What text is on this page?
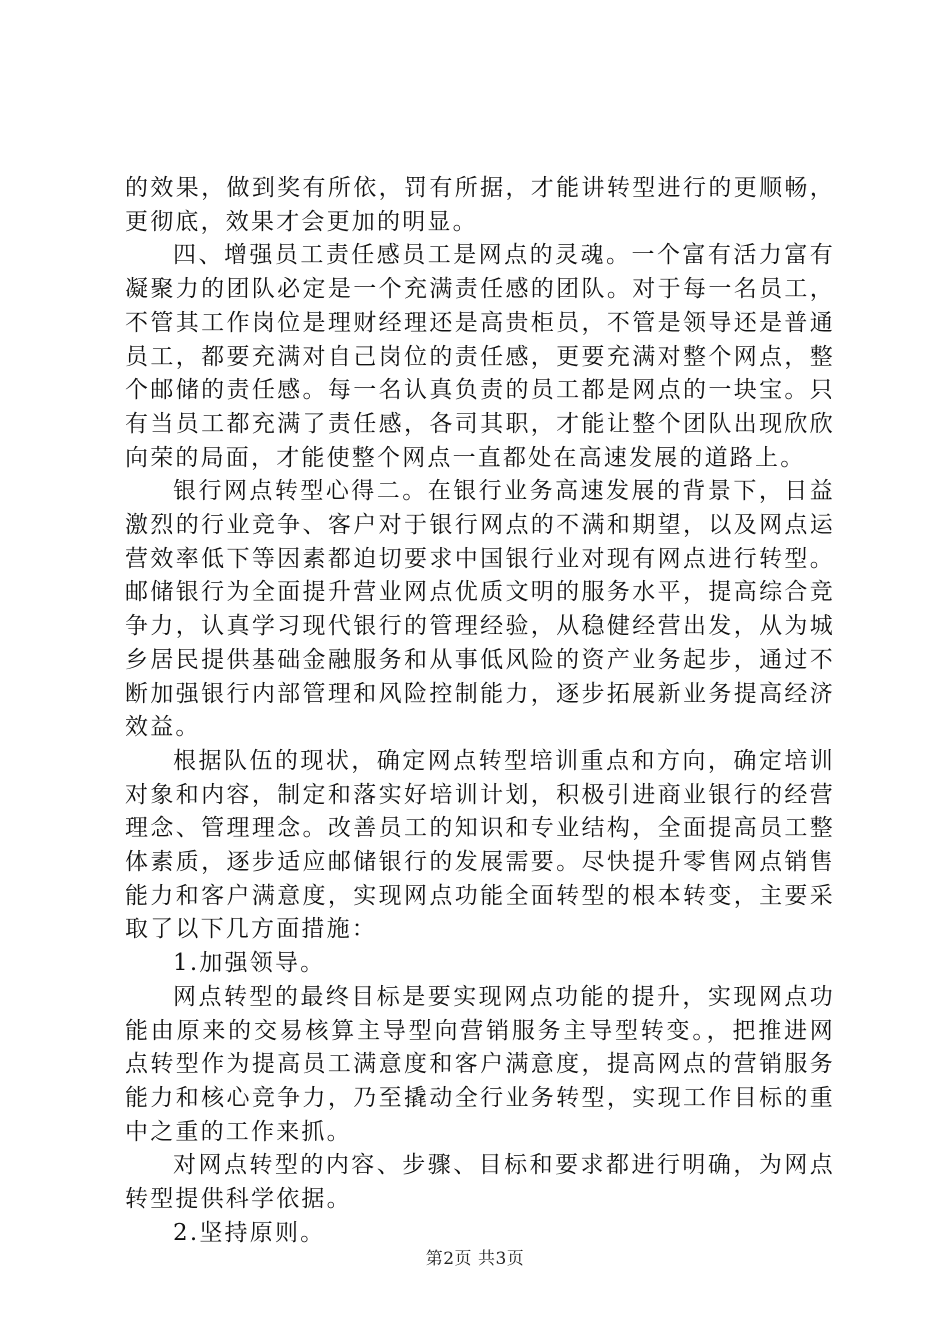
的效果，做到奖有所依，罚有所据，才能讲转型进行的更顺畅，更彻底，效果才会更加的明显。

四、增强员工责任感员工是网点的灵魂。一个富有活力富有凝聚力的团队必定是一个充满责任感的团队。对于每一名员工，不管其工作岗位是理财经理还是高贵柜员，不管是领导还是普通员工，都要充满对自己岗位的责任感，更要充满对整个网点，整个邮储的责任感。每一名认真负责的员工都是网点的一块宝。只有当员工都充满了责任感，各司其职，才能让整个团队出现欣欣向荣的局面，才能使整个网点一直都处在高速发展的道路上。

银行网点转型心得二。在银行业务高速发展的背景下，日益激烈的行业竞争、客户对于银行网点的不满和期望，以及网点运营效率低下等因素都迫切要求中国银行业对现有网点进行转型。邮储银行为全面提升营业网点优质文明的服务水平，提高综合竞争力，认真学习现代银行的管理经验，从稳健经营出发，从为城乡居民提供基础金融服务和从事低风险的资产业务起步，通过不断加强银行内部管理和风险控制能力，逐步拓展新业务提高经济效益。

根据队伍的现状，确定网点转型培训重点和方向，确定培训对象和内容，制定和落实好培训计划，积极引进商业银行的经营理念、管理理念。改善员工的知识和专业结构，全面提高员工整体素质，逐步适应邮储银行的发展需要。尽快提升零售网点销售能力和客户满意度，实现网点功能全面转型的根本转变，主要采取了以下几方面措施：

1.加强领导。

网点转型的最终目标是要实现网点功能的提升，实现网点功能由原来的交易核算主导型向营销服务主导型转变。，把推进网点转型作为提高员工满意度和客户满意度，提高网点的营销服务能力和核心竞争力，乃至撬动全行业务转型，实现工作目标的重中之重的工作来抓。

对网点转型的内容、步骤、目标和要求都进行明确，为网点转型提供科学依据。

2.坚持原则。

第2页 共3页
